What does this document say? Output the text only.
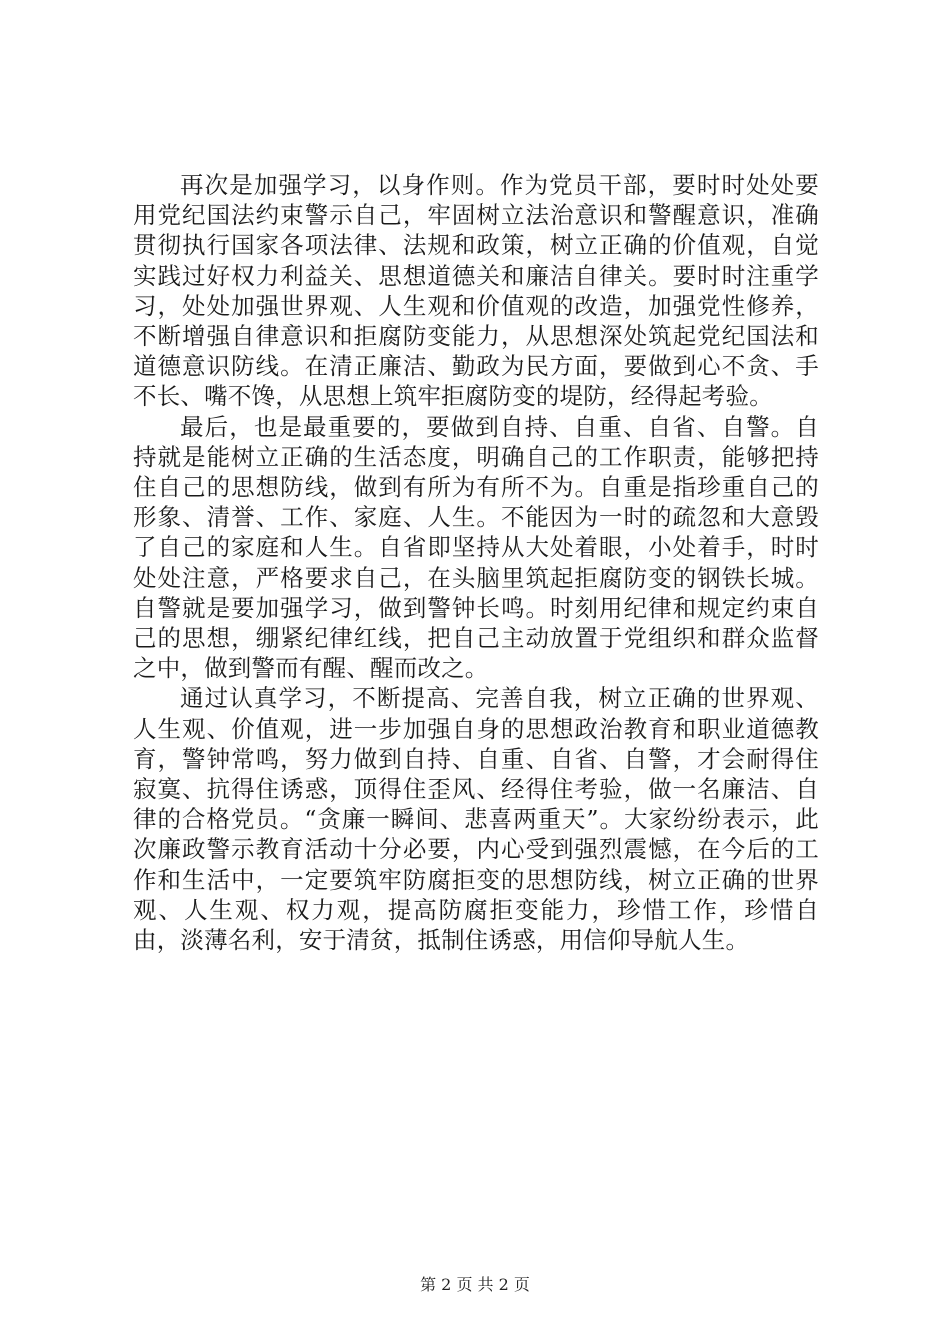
再次是加强学习，以身作则。作为党员干部，要时时处处要用党纪国法约束警示自己，牢固树立法治意识和警醒意识，准确贯彻执行国家各项法律、法规和政策，树立正确的价值观，自觉实践过好权力利益关、思想道德关和廉洁自律关。要时时注重学习，处处加强世界观、人生观和价值观的改造，加强党性修养，不断增强自律意识和拒腐防变能力，从思想深处筑起党纪国法和道德意识防线。在清正廉洁、勤政为民方面，要做到心不贪、手不长、嘴不馋，从思想上筑牢拒腐防变的堤防，经得起考验。

最后，也是最重要的，要做到自持、自重、自省、自警。自持就是能树立正确的生活态度，明确自己的工作职责，能够把持住自己的思想防线，做到有所为有所不为。自重是指珍重自己的形象、清誉、工作、家庭、人生。不能因为一时的疏忽和大意毁了自己的家庭和人生。自省即坚持从大处着眼，小处着手，时时处处注意，严格要求自己，在头脑里筑起拒腐防变的钢铁长城。自警就是要加强学习，做到警钟长鸣。时刻用纪律和规定约束自己的思想，绷紧纪律红线，把自己主动放置于党组织和群众监督之中，做到警而有醒、醒而改之。

通过认真学习，不断提高、完善自我，树立正确的世界观、人生观、价值观，进一步加强自身的思想政治教育和职业道德教育，警钟常鸣，努力做到自持、自重、自省、自警，才会耐得住寂寞、抗得住诱惑，顶得住歪风、经得住考验，做一名廉洁、自律的合格党员。“贪廉一瞬间、悲喜两重天”。大家纷纷表示，此次廉政警示教育活动十分必要，内心受到强烈震憾，在今后的工作和生活中，一定要筑牢防腐拒变的思想防线，树立正确的世界观、人生观、权力观，提高防腐拒变能力，珍惜工作，珍惜自由，淡薄名利，安于清贫，抵制住诱惑，用信仰导航人生。

第 2 页 共 2 页
